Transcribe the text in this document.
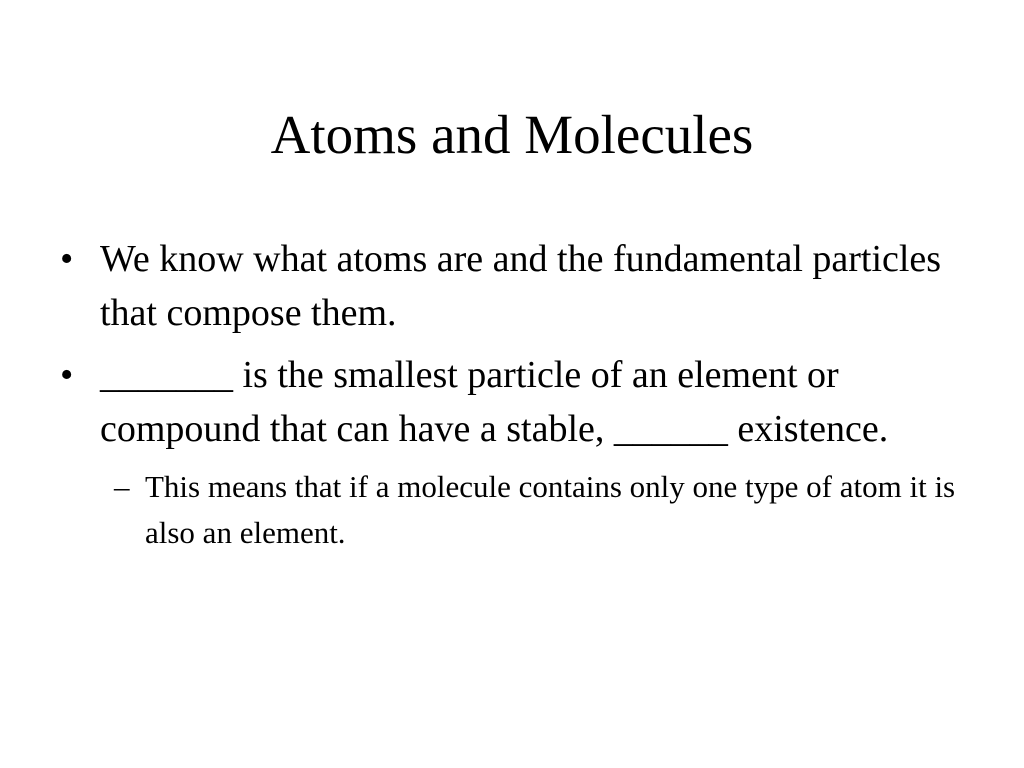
Atoms and Molecules
• We know what atoms are and the fundamental particles that compose them.
• _______ is the smallest particle of an element or compound that can have a stable, ______ existence.
– This means that if a molecule contains only one type of atom it is also an element.
